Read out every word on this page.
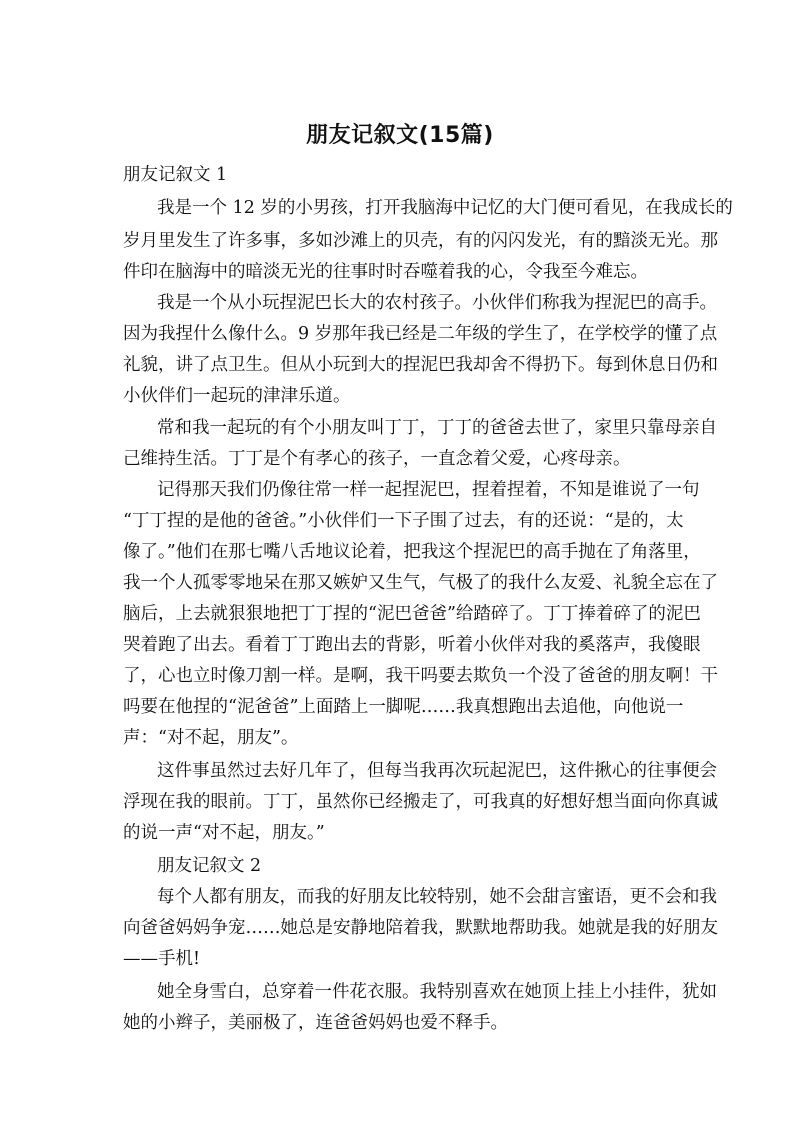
朋友记叙文(15篇)

朋友记叙文 1

我是一个 12 岁的小男孩，打开我脑海中记忆的大门便可看见，在我成长的

岁月里发生了许多事，多如沙滩上的贝壳，有的闪闪发光，有的黯淡无光。那

件印在脑海中的暗淡无光的往事时时吞噬着我的心，令我至今难忘。

我是一个从小玩捏泥巴长大的农村孩子。小伙伴们称我为捏泥巴的高手。

因为我捏什么像什么。9 岁那年我已经是二年级的学生了，在学校学的懂了点

礼貌，讲了点卫生。但从小玩到大的捏泥巴我却舍不得扔下。每到休息日仍和

小伙伴们一起玩的津津乐道。

常和我一起玩的有个小朋友叫丁丁，丁丁的爸爸去世了，家里只靠母亲自

己维持生活。丁丁是个有孝心的孩子，一直念着父爱，心疼母亲。

记得那天我们仍像往常一样一起捏泥巴，捏着捏着，不知是谁说了一句

“丁丁捏的是他的爸爸。”小伙伴们一下子围了过去，有的还说：“是的，太

像了。”他们在那七嘴八舌地议论着，把我这个捏泥巴的高手抛在了角落里，

我一个人孤零零地呆在那又嫉妒又生气，气极了的我什么友爱、礼貌全忘在了

脑后，上去就狠狠地把丁丁捏的“泥巴爸爸”给踏碎了。丁丁捧着碎了的泥巴

哭着跑了出去。看着丁丁跑出去的背影，听着小伙伴对我的奚落声，我傻眼

了，心也立时像刀割一样。是啊，我干吗要去欺负一个没了爸爸的朋友啊！干

吗要在他捏的“泥爸爸”上面踏上一脚呢……我真想跑出去追他，向他说一

声：“对不起，朋友”。

这件事虽然过去好几年了，但每当我再次玩起泥巴，这件揪心的往事便会

浮现在我的眼前。丁丁，虽然你已经搬走了，可我真的好想好想当面向你真诚

的说一声“对不起，朋友。”

朋友记叙文 2

每个人都有朋友，而我的好朋友比较特别，她不会甜言蜜语，更不会和我

向爸爸妈妈争宠……她总是安静地陪着我，默默地帮助我。她就是我的好朋友

——手机!

她全身雪白，总穿着一件花衣服。我特别喜欢在她顶上挂上小挂件，犹如

她的小辫子，美丽极了，连爸爸妈妈也爱不释手。
